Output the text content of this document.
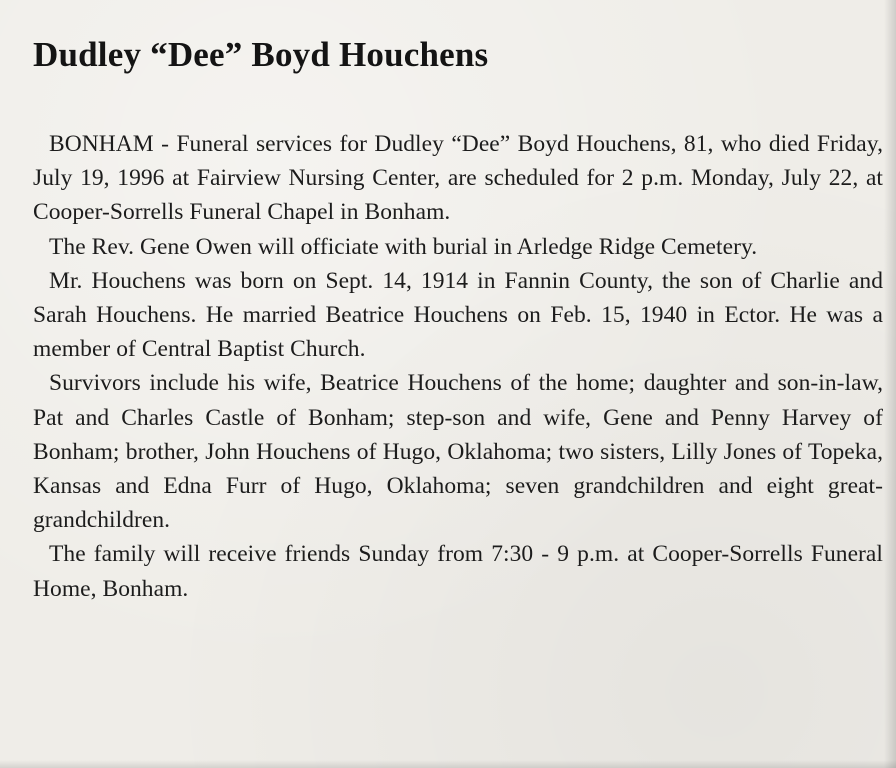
Dudley “Dee” Boyd Houchens

BONHAM - Funeral services for Dudley “Dee” Boyd Houchens, 81, who died Friday, July 19, 1996 at Fairview Nursing Center, are scheduled for 2 p.m. Monday, July 22, at Cooper-Sorrells Funeral Chapel in Bonham.

The Rev. Gene Owen will officiate with burial in Arledge Ridge Cemetery.

Mr. Houchens was born on Sept. 14, 1914 in Fannin County, the son of Charlie and Sarah Houchens. He married Beatrice Houchens on Feb. 15, 1940 in Ector. He was a member of Central Baptist Church.

Survivors include his wife, Beatrice Houchens of the home; daughter and son-in-law, Pat and Charles Castle of Bonham; step-son and wife, Gene and Penny Harvey of Bonham; brother, John Houchens of Hugo, Oklahoma; two sisters, Lilly Jones of Topeka, Kansas and Edna Furr of Hugo, Oklahoma; seven grandchildren and eight great-grandchildren.

The family will receive friends Sunday from 7:30 - 9 p.m. at Cooper-Sorrells Funeral Home, Bonham.
